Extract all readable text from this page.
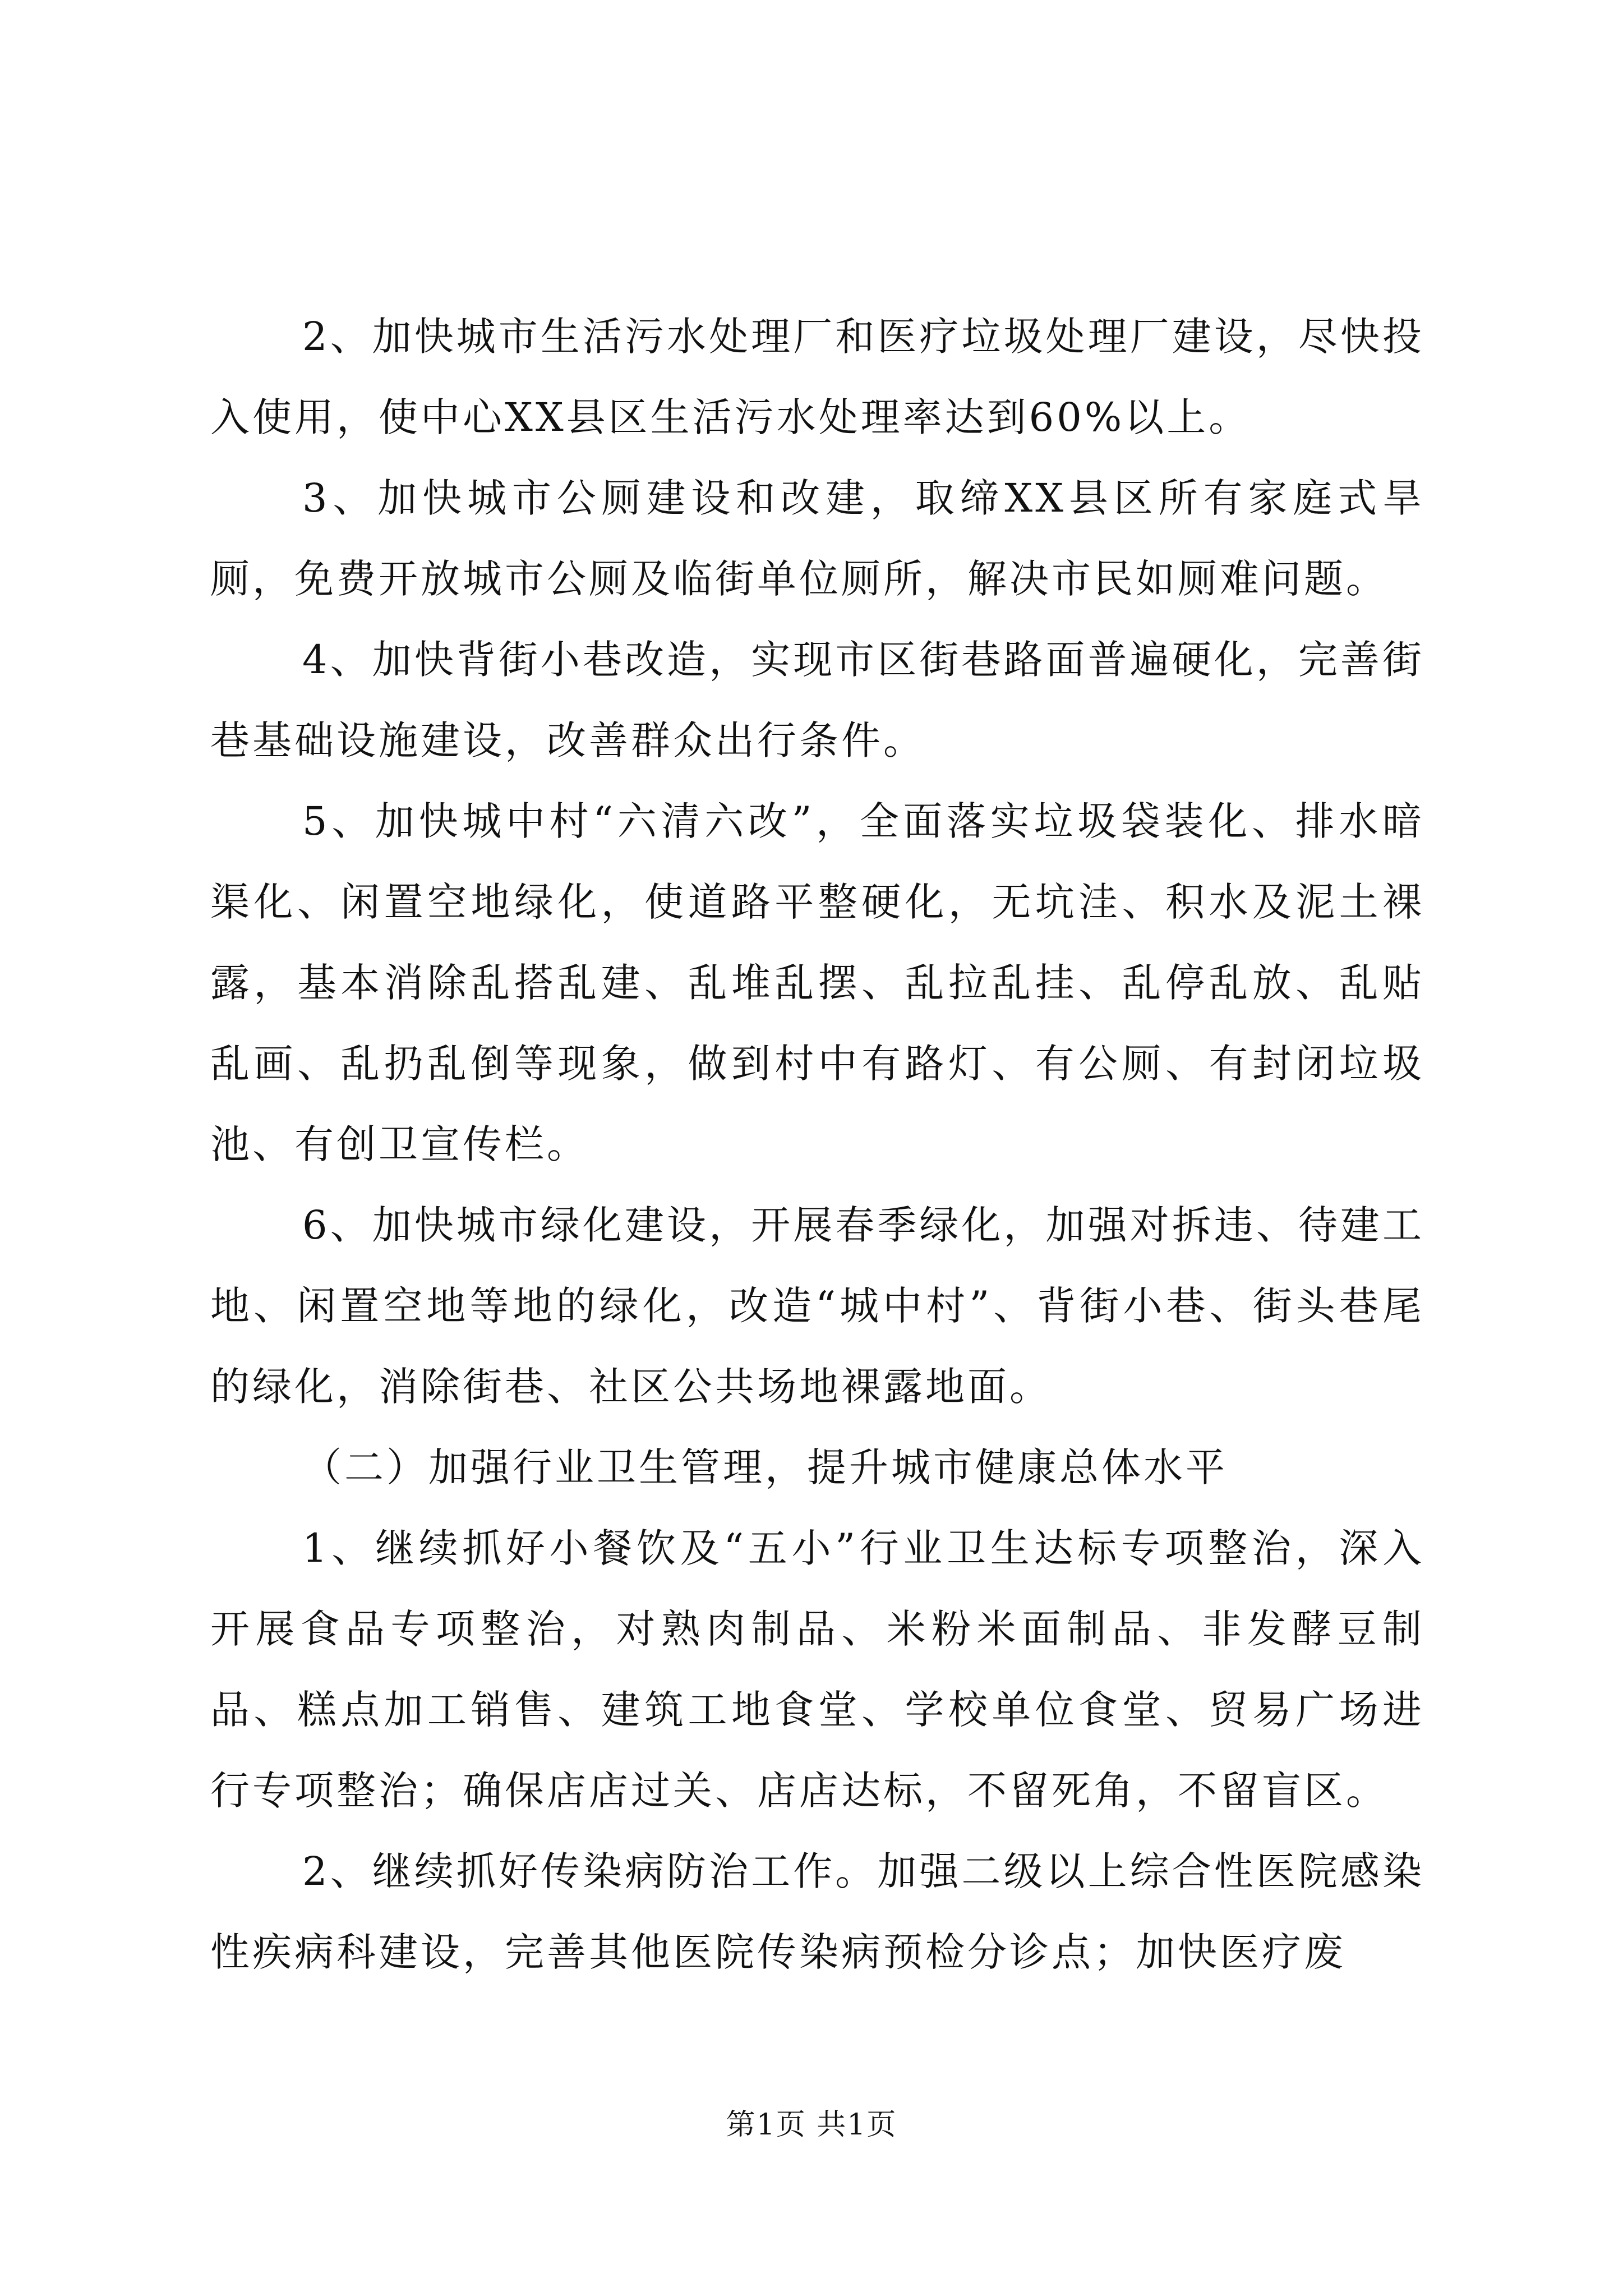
2、加快城市生活污水处理厂和医疗垃圾处理厂建设，尽快投入使用，使中心XX县区生活污水处理率达到60%以上。

3、加快城市公厕建设和改建，取缔XX县区所有家庭式旱厕，免费开放城市公厕及临街单位厕所，解决市民如厕难问题。

4、加快背街小巷改造，实现市区街巷路面普遍硬化，完善街巷基础设施建设，改善群众出行条件。

5、加快城中村“六清六改”，全面落实垃圾袋装化、排水暗渠化、闲置空地绿化，使道路平整硬化，无坑洼、积水及泥土裸露，基本消除乱搭乱建、乱堆乱摆、乱拉乱挂、乱停乱放、乱贴乱画、乱扔乱倒等现象，做到村中有路灯、有公厕、有封闭垃圾池、有创卫宣传栏。

6、加快城市绿化建设，开展春季绿化，加强对拆违、待建工地、闲置空地等地的绿化，改造“城中村”、背街小巷、街头巷尾的绿化，消除街巷、社区公共场地裸露地面。

（二）加强行业卫生管理，提升城市健康总体水平

1、继续抓好小餐饮及“五小”行业卫生达标专项整治，深入开展食品专项整治，对熟肉制品、米粉米面制品、非发酵豆制品、糕点加工销售、建筑工地食堂、学校单位食堂、贸易广场进行专项整治；确保店店过关、店店达标，不留死角，不留盲区。

2、继续抓好传染病防治工作。加强二级以上综合性医院感染性疾病科建设，完善其他医院传染病预检分诊点；加快医疗废

第1页 共1页
